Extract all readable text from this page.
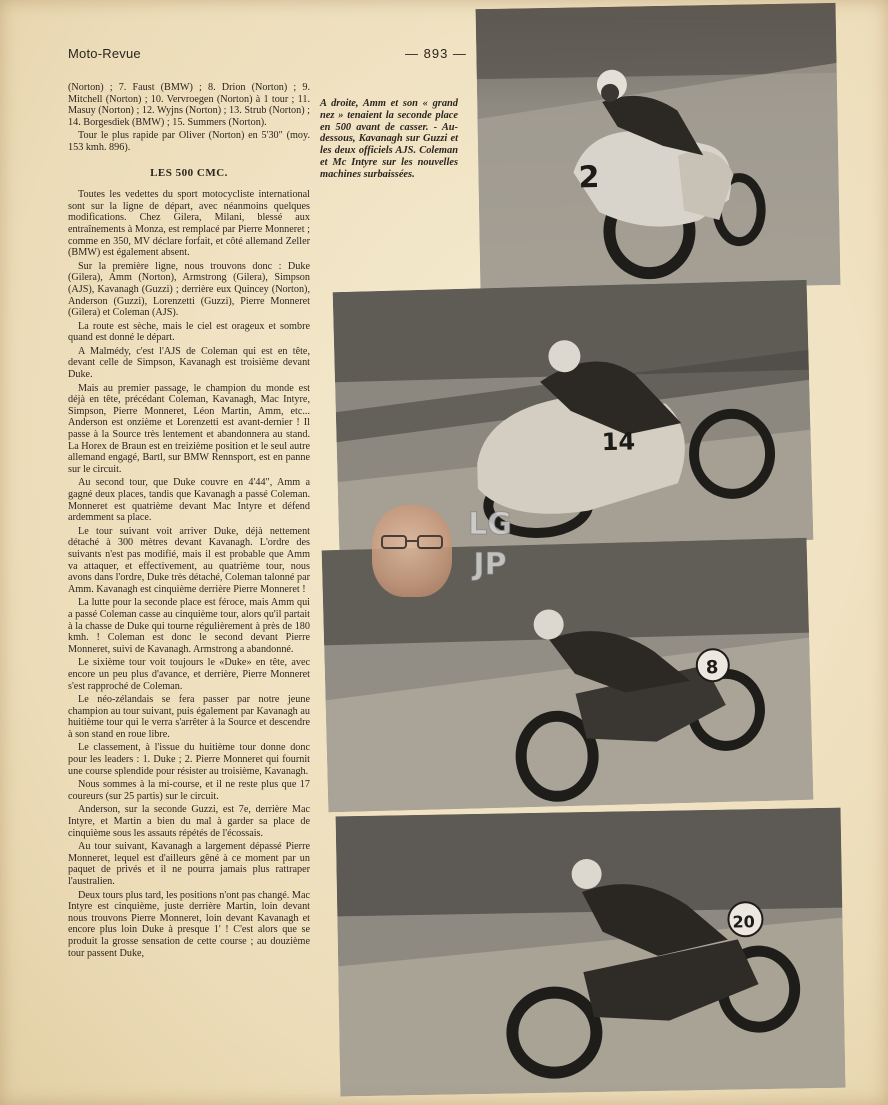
Moto-Revue	— 893 —

(Norton) ; 7. Faust (BMW) ; 8. Drion (Norton) ; 9. Mitchell (Norton) ; 10. Vervroegen (Norton) à 1 tour ; 11. Masuy (Norton) ; 12. Wyjns (Norton) ; 13. Strub (Norton) ; 14. Borgesdiek (BMW) ; 15. Summers (Norton).

Tour le plus rapide par Oliver (Norton) en 5'30" (moy. 153 kmh. 896).

LES 500 CMC.

Toutes les vedettes du sport motocycliste international sont sur la ligne de départ, avec néanmoins quelques modifications. Chez Gilera, Milani, blessé aux entraînements à Monza, est remplacé par Pierre Monneret ; comme en 350, MV déclare forfait, et côté allemand Zeller (BMW) est également absent.

Sur la première ligne, nous trouvons donc : Duke (Gilera), Amm (Norton), Armstrong (Gilera), Simpson (AJS), Kavanagh (Guzzi) ; derrière eux Quincey (Norton), Anderson (Guzzi), Lorenzetti (Guzzi), Pierre Monneret (Gilera) et Coleman (AJS).

La route est sèche, mais le ciel est orageux et sombre quand est donné le départ.

A Malmédy, c'est l'AJS de Coleman qui est en tête, devant celle de Simpson, Kavanagh est troisième devant Duke.

Mais au premier passage, le champion du monde est déjà en tête, précédant Coleman, Kavanagh, Mac Intyre, Simpson, Pierre Monneret, Léon Martin, Amm, etc... Anderson est onzième et Lorenzetti est avant-dernier ! Il passe à la Source très lentement et abandonnera au stand. La Horex de Braun est en treizième position et le seul autre allemand engagé, Bartl, sur BMW Rennsport, est en panne sur le circuit.

Au second tour, que Duke couvre en 4'44", Amm a gagné deux places, tandis que Kavanagh a passé Coleman. Monneret est quatrième devant Mac Intyre et défend ardemment sa place.

Le tour suivant voit arriver Duke, déjà nettement détaché à 300 mètres devant Kavanagh. L'ordre des suivants n'est pas modifié, mais il est probable que Amm va attaquer, et effectivement, au quatrième tour, nous avons dans l'ordre, Duke très détaché, Coleman talonné par Amm. Kavanagh est cinquième derrière Pierre Monneret !

La lutte pour la seconde place est féroce, mais Amm qui a passé Coleman casse au cinquième tour, alors qu'il partait à la chasse de Duke qui tourne régulièrement à près de 180 kmh. ! Coleman est donc le second devant Pierre Monneret, suivi de Kavanagh. Armstrong a abandonné.

Le sixième tour voit toujours le «Duke» en tête, avec encore un peu plus d'avance, et derrière, Pierre Monneret s'est rapproché de Coleman.

Le néo-zélandais se fera passer par notre jeune champion au tour suivant, puis également par Kavanagh au huitième tour qui le verra s'arrêter à la Source et descendre à son stand en roue libre.

Le classement, à l'issue du huitième tour donne donc pour les leaders : 1. Duke ; 2. Pierre Monneret qui fournit une course splendide pour résister au troisième, Kavanagh.

Nous sommes à la mi-course, et il ne reste plus que 17 coureurs (sur 25 partis) sur le circuit.

Anderson, sur la seconde Guzzi, est 7e, derrière Mac Intyre, et Martin a bien du mal à garder sa place de cinquième sous les assauts répétés de l'écossais.

Au tour suivant, Kavanagh a largement dépassé Pierre Monneret, lequel est d'ailleurs gêné à ce moment par un paquet de privés et il ne pourra jamais plus rattraper l'australien.

Deux tours plus tard, les positions n'ont pas changé. Mac Intyre est cinquième, juste derrière Martin, loin devant nous trouvons Pierre Monneret, loin devant Kavanagh et encore plus loin Duke à presque 1' ! C'est alors que se produit la grosse sensation de cette course ; au douzième tour passent Duke,

A droite, Amm et son « grand nez » tenaient la seconde place en 500 avant de casser. - Au-dessous, Kavanagh sur Guzzi et les deux officiels AJS. Coleman et Mc Intyre sur les nouvelles machines surbaissées.	2
14
8
20
LG
JP
